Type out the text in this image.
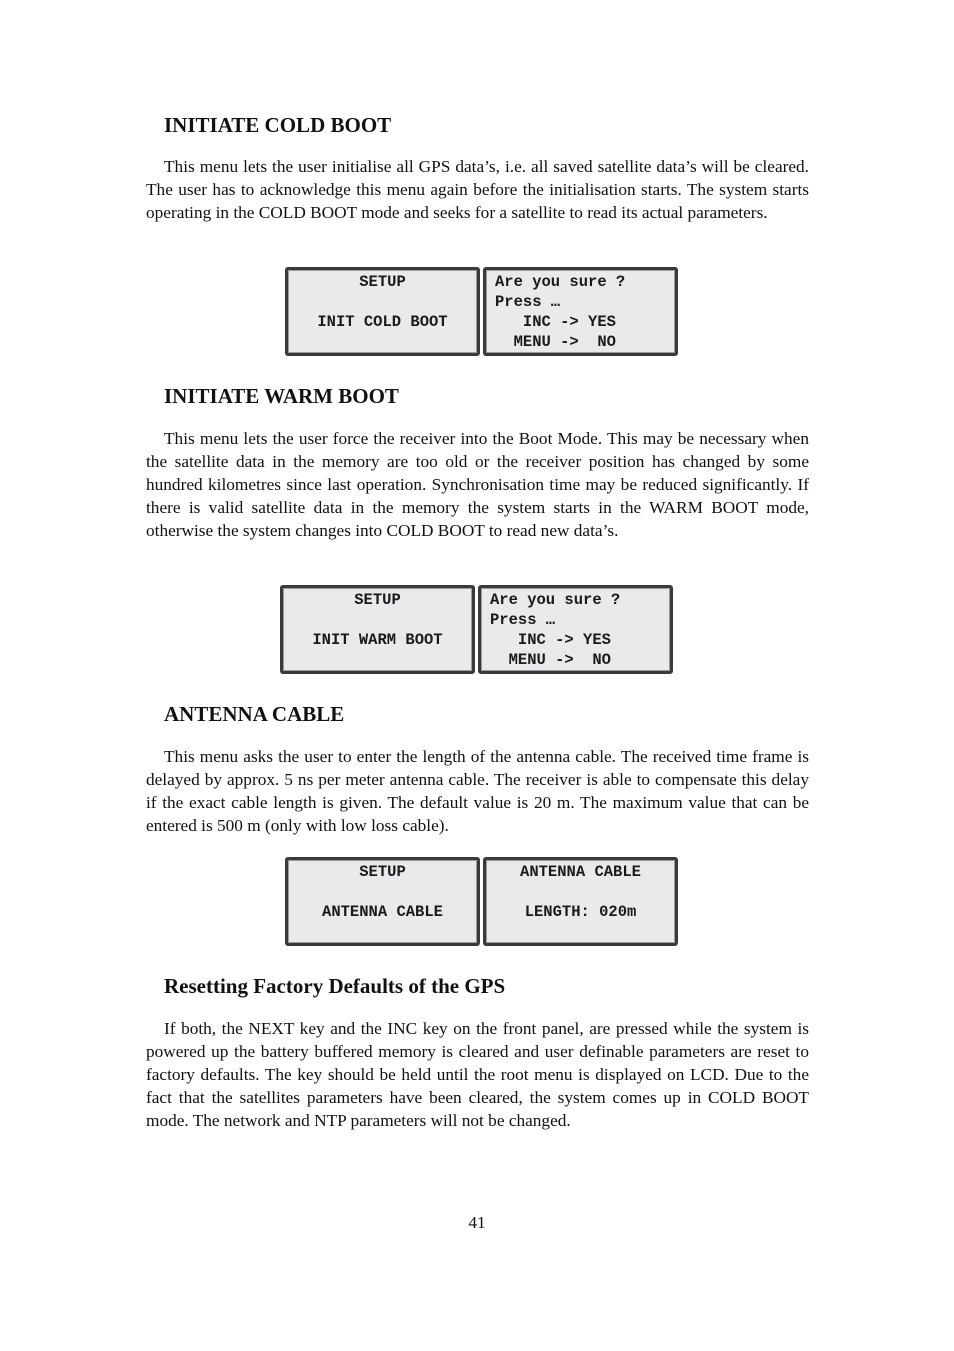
INITIATE COLD BOOT

This menu lets the user initialise all GPS data’s, i.e. all saved satellite data’s will be cleared. The user has to acknowledge this menu again before the initialisation starts. The system starts operating in the COLD BOOT mode and seeks for a satellite to read its actual parameters.

SETUP
INIT COLD BOOT
Are you sure ?
Press …
INC -> YES
MENU ->  NO
INITIATE WARM BOOT

This menu lets the user force the receiver into the Boot Mode. This may be necessary when the satellite data in the memory are too old or the receiver position has changed by some hundred kilometres since last operation. Synchronisation time may be reduced significantly. If there is valid satellite data in the memory the system starts in the WARM BOOT mode, otherwise the system changes into COLD BOOT to read new data’s.

SETUP
INIT WARM BOOT
Are you sure ?
Press …
INC -> YES
MENU ->  NO
ANTENNA CABLE

This menu asks the user to enter the length of the antenna cable. The received time frame is delayed by approx. 5 ns per meter antenna cable. The receiver is able to compensate this delay if the exact cable length is given. The default value is 20 m. The maximum value that can be entered is 500 m (only with low loss cable).

SETUP
ANTENNA CABLE
ANTENNA CABLE
LENGTH: 020m
Resetting Factory Defaults of the GPS

If both, the NEXT key and the INC key on the front panel, are pressed while the system is powered up the battery buffered memory is cleared and user definable parameters are reset to factory defaults. The key should be held until the root menu is displayed on LCD. Due to the fact that the satellites parameters have been cleared, the system comes up in COLD BOOT mode. The network and NTP parameters will not be changed.

41
